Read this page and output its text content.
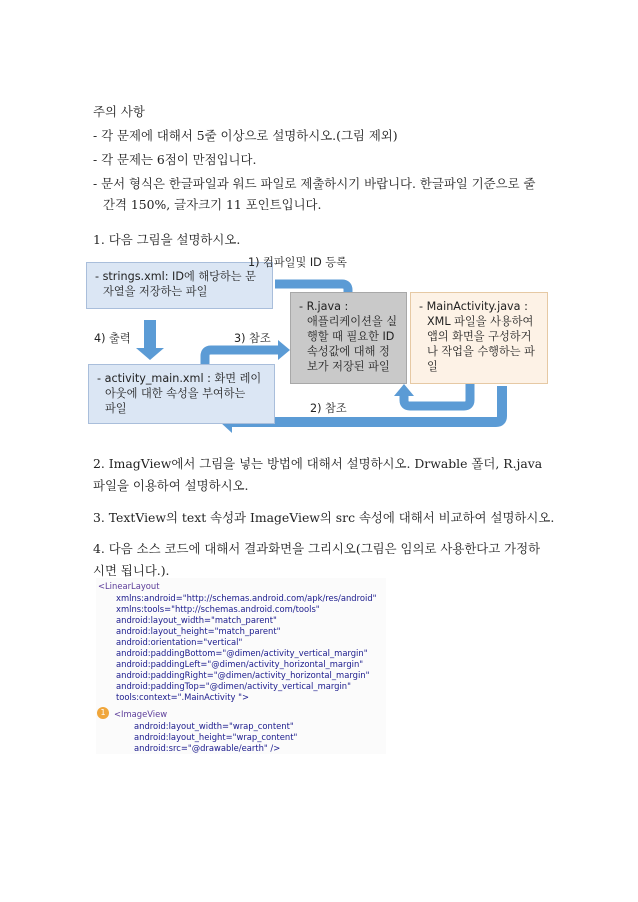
주의 사항
- 각 문제에 대해서 5줄 이상으로 설명하시오.(그림 제외)
- 각 문제는 6점이 만점입니다.
- 문서 형식은 한글파일과 워드 파일로 제출하시기 바랍니다. 한글파일 기준으로 줄
간격 150%, 글자크기 11 포인트입니다.
1. 다음 그림을 설명하시오.
- strings.xml: ID에 해당하는 문
자열을 저장하는 파일
- activity_main.xml : 화면 레이
아웃에 대한 속성을 부여하는
파일
- R.java :
애플리케이션을 실
행할 때 필요한 ID
속성값에 대해 정
보가 저장된 파일
- MainActivity.java :
XML 파일을 사용하여
앱의 화면을 구성하거
나 작업을 수행하는 파
일
1) 컴파일및 ID 등록
4) 출력	3) 참조
2) 참조
2. ImagView에서 그림을 넣는 방법에 대해서 설명하시오. Drwable 폴더, R.java 파일을 이용하여 설명하시오.
3. TextView의 text 속성과 ImageView의 src 속성에 대해서 비교하여 설명하시오.
4. 다음 소스 코드에 대해서 결과화면을 그리시오(그림은 임의로 사용한다고 가정하시면 됩니다.).
<LinearLayout
xmlns:android="http://schemas.android.com/apk/res/android"
xmlns:tools="http://schemas.android.com/tools"
android:layout_width="match_parent"
android:layout_height="match_parent"
android:orientation="vertical"
android:paddingBottom="@dimen/activity_vertical_margin"
android:paddingLeft="@dimen/activity_horizontal_margin"
android:paddingRight="@dimen/activity_horizontal_margin"
android:paddingTop="@dimen/activity_vertical_margin"
tools:context=".MainActivity ">
1	<ImageView
android:layout_width="wrap_content"
android:layout_height="wrap_content"
android:src="@drawable/earth" />
